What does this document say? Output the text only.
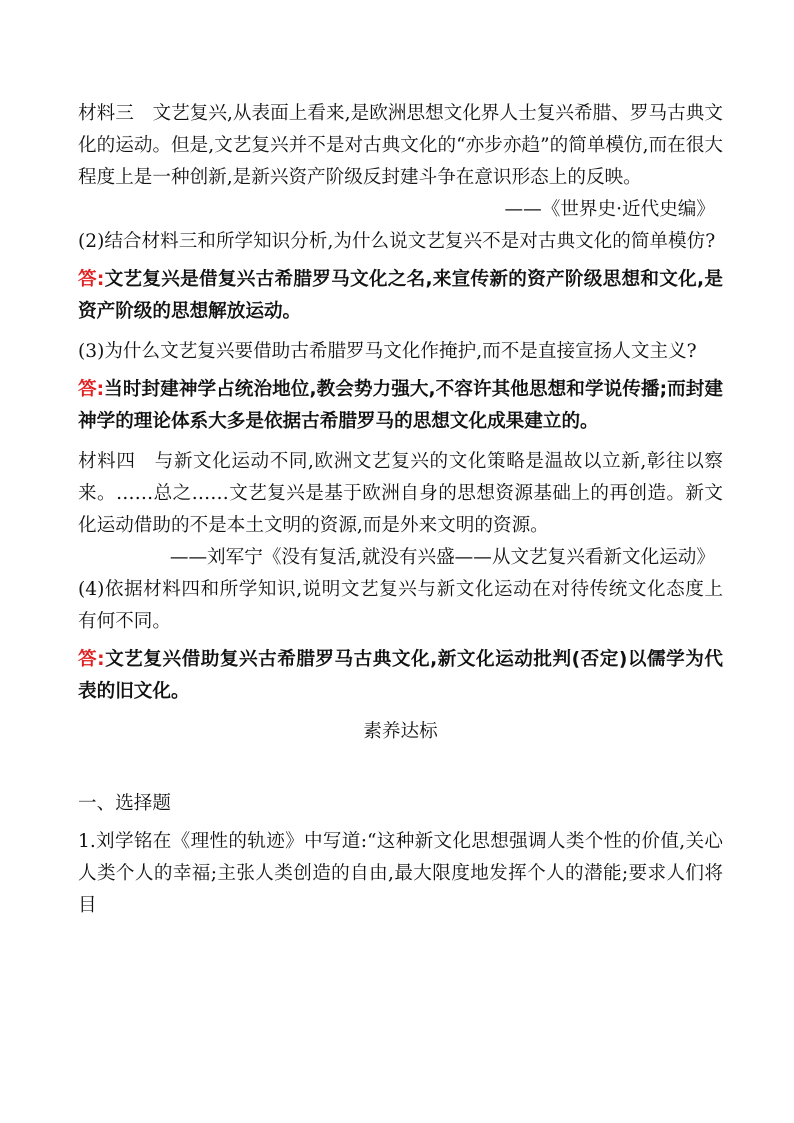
材料三　文艺复兴,从表面上看来,是欧洲思想文化界人士复兴希腊、罗马古典文化的运动。但是,文艺复兴并不是对古典文化的“亦步亦趋”的简单模仿,而在很大程度上是一种创新,是新兴资产阶级反封建斗争在意识形态上的反映。

——《世界史·近代史编》

(2)结合材料三和所学知识分析,为什么说文艺复兴不是对古典文化的简单模仿?

答:文艺复兴是借复兴古希腊罗马文化之名,来宣传新的资产阶级思想和文化,是资产阶级的思想解放运动。

(3)为什么文艺复兴要借助古希腊罗马文化作掩护,而不是直接宣扬人文主义?

答:当时封建神学占统治地位,教会势力强大,不容许其他思想和学说传播;而封建神学的理论体系大多是依据古希腊罗马的思想文化成果建立的。

材料四　与新文化运动不同,欧洲文艺复兴的文化策略是温故以立新,彰往以察来。……总之……文艺复兴是基于欧洲自身的思想资源基础上的再创造。新文化运动借助的不是本土文明的资源,而是外来文明的资源。

——刘军宁《没有复活,就没有兴盛——从文艺复兴看新文化运动》

(4)依据材料四和所学知识,说明文艺复兴与新文化运动在对待传统文化态度上有何不同。

答:文艺复兴借助复兴古希腊罗马古典文化,新文化运动批判(否定)以儒学为代表的旧文化。

素养达标

一、选择题

1.刘学铭在《理性的轨迹》中写道:“这种新文化思想强调人类个性的价值,关心人类个人的幸福;主张人类创造的自由,最大限度地发挥个人的潜能;要求人们将目
